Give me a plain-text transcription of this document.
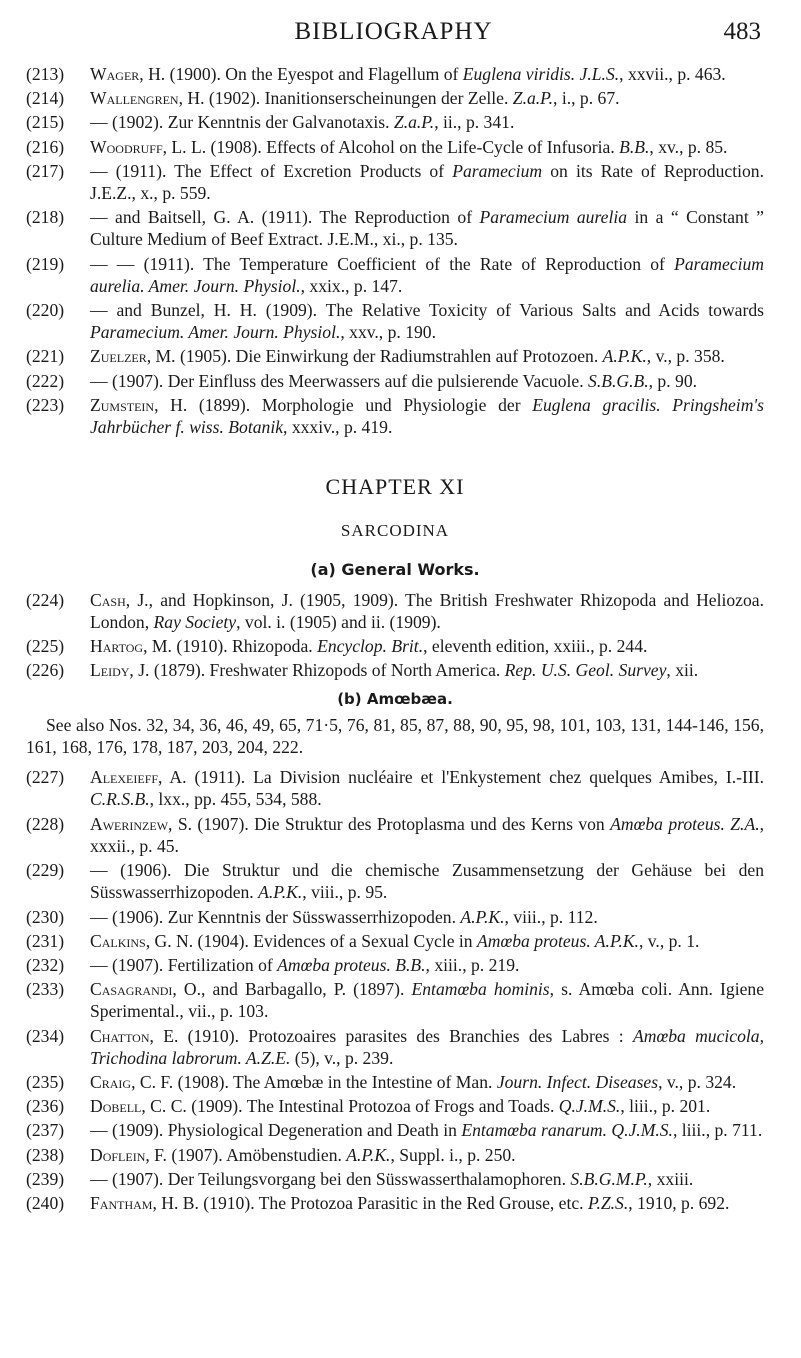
BIBLIOGRAPHY	483
(213)	Wager, H. (1900). On the Eyespot and Flagellum of Euglena viridis. J.L.S., xxvii., p. 463.
(214)	Wallengren, H. (1902). Inanitionserscheinungen der Zelle. Z.a.P., i., p. 67.
(215)	— (1902). Zur Kenntnis der Galvanotaxis. Z.a.P., ii., p. 341.
(216)	Woodruff, L. L. (1908). Effects of Alcohol on the Life-Cycle of Infusoria. B.B., xv., p. 85.
(217)	— (1911). The Effect of Excretion Products of Paramecium on its Rate of Reproduction. J.E.Z., x., p. 559.
(218)	— and Baitsell, G. A. (1911). The Reproduction of Paramecium aurelia in a “ Constant ” Culture Medium of Beef Extract. J.E.M., xi., p. 135.
(219)	— — (1911). The Temperature Coefficient of the Rate of Reproduction of Paramecium aurelia. Amer. Journ. Physiol., xxix., p. 147.
(220)	— and Bunzel, H. H. (1909). The Relative Toxicity of Various Salts and Acids towards Paramecium. Amer. Journ. Physiol., xxv., p. 190.
(221)	Zuelzer, M. (1905). Die Einwirkung der Radiumstrahlen auf Protozoen. A.P.K., v., p. 358.
(222)	— (1907). Der Einfluss des Meerwassers auf die pulsierende Vacuole. S.B.G.B., p. 90.
(223)	Zumstein, H. (1899). Morphologie und Physiologie der Euglena gracilis. Pringsheim's Jahrbücher f. wiss. Botanik, xxxiv., p. 419.
CHAPTER XI
SARCODINA
(a) General Works.
(224)	Cash, J., and Hopkinson, J. (1905, 1909). The British Freshwater Rhizopoda and Heliozoa. London, Ray Society, vol. i. (1905) and ii. (1909).
(225)	Hartog, M. (1910). Rhizopoda. Encyclop. Brit., eleventh edition, xxiii., p. 244.
(226)	Leidy, J. (1879). Freshwater Rhizopods of North America. Rep. U.S. Geol. Survey, xii.
(b) Amœbæa.
See also Nos. 32, 34, 36, 46, 49, 65, 71·5, 76, 81, 85, 87, 88, 90, 95, 98, 101, 103, 131, 144-146, 156, 161, 168, 176, 178, 187, 203, 204, 222.
(227)	Alexeieff, A. (1911). La Division nucléaire et l'Enkystement chez quelques Amibes, I.-III. C.R.S.B., lxx., pp. 455, 534, 588.
(228)	Awerinzew, S. (1907). Die Struktur des Protoplasma und des Kerns von Amœba proteus. Z.A., xxxii., p. 45.
(229)	— (1906). Die Struktur und die chemische Zusammensetzung der Gehäuse bei den Süsswasserrhizopoden. A.P.K., viii., p. 95.
(230)	— (1906). Zur Kenntnis der Süsswasserrhizopoden. A.P.K., viii., p. 112.
(231)	Calkins, G. N. (1904). Evidences of a Sexual Cycle in Amœba proteus. A.P.K., v., p. 1.
(232)	— (1907). Fertilization of Amœba proteus. B.B., xiii., p. 219.
(233)	Casagrandi, O., and Barbagallo, P. (1897). Entamœba hominis, s. Amœba coli. Ann. Igiene Sperimental., vii., p. 103.
(234)	Chatton, E. (1910). Protozoaires parasites des Branchies des Labres : Amœba mucicola, Trichodina labrorum. A.Z.E. (5), v., p. 239.
(235)	Craig, C. F. (1908). The Amœbæ in the Intestine of Man. Journ. Infect. Diseases, v., p. 324.
(236)	Dobell, C. C. (1909). The Intestinal Protozoa of Frogs and Toads. Q.J.M.S., liii., p. 201.
(237)	— (1909). Physiological Degeneration and Death in Entamœba ranarum. Q.J.M.S., liii., p. 711.
(238)	Doflein, F. (1907). Amöbenstudien. A.P.K., Suppl. i., p. 250.
(239)	— (1907). Der Teilungsvorgang bei den Süsswasserthalamophoren. S.B.G.M.P., xxiii.
(240)	Fantham, H. B. (1910). The Protozoa Parasitic in the Red Grouse, etc. P.Z.S., 1910, p. 692.
